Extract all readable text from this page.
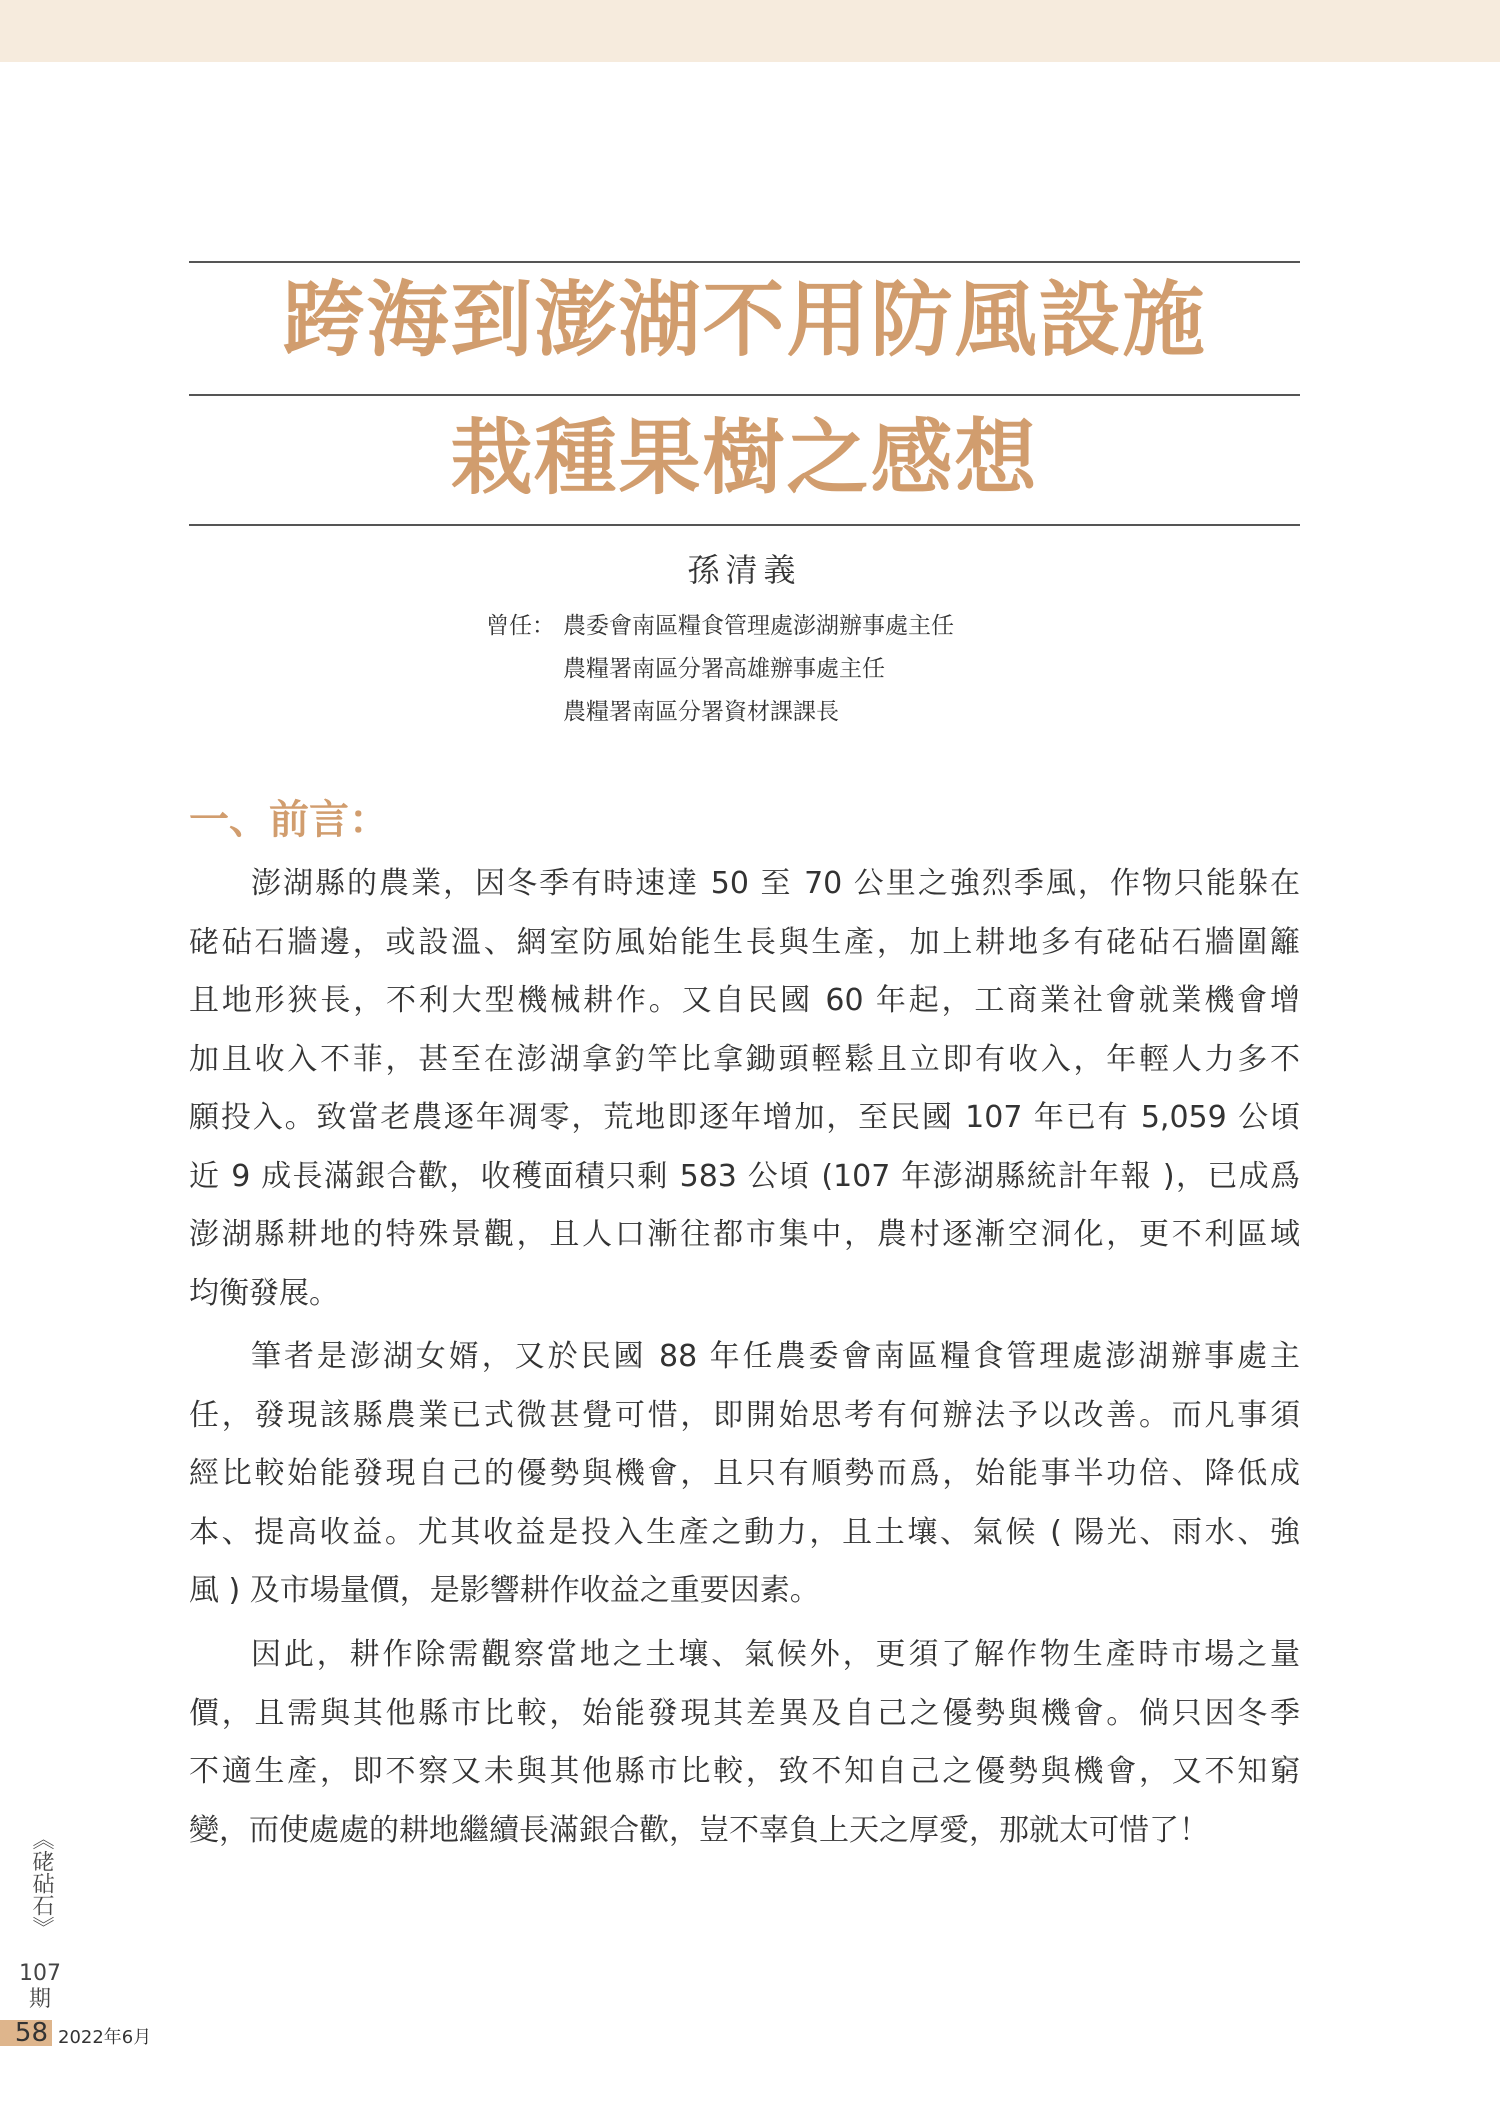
跨海到澎湖不用防風設施
栽種果樹之感想
孫清義
曾任： 農委會南區糧食管理處澎湖辦事處主任
農糧署南區分署高雄辦事處主任
農糧署南區分署資材課課長
一、前言：
澎湖縣的農業，因冬季有時速達 50 至 70 公里之強烈季風，作物只能躲在
硓砧石牆邊，或設溫、網室防風始能生長與生產，加上耕地多有硓砧石牆圍籬
且地形狹長，不利大型機械耕作。又自民國 60 年起，工商業社會就業機會增
加且收入不菲，甚至在澎湖拿釣竿比拿鋤頭輕鬆且立即有收入，年輕人力多不
願投入。致當老農逐年凋零，荒地即逐年增加，至民國 107 年已有 5,059 公頃
近 9 成長滿銀合歡，收穫面積只剩 583 公頃 (107 年澎湖縣統計年報 )，已成爲
澎湖縣耕地的特殊景觀，且人口漸往都市集中，農村逐漸空洞化，更不利區域
均衡發展。
筆者是澎湖女婿，又於民國 88 年任農委會南區糧食管理處澎湖辦事處主
任，發現該縣農業已式微甚覺可惜，即開始思考有何辦法予以改善。而凡事須
經比較始能發現自己的優勢與機會，且只有順勢而爲，始能事半功倍、降低成
本、提高收益。尤其收益是投入生產之動力，且土壤、氣候 ( 陽光、雨水、強
風 ) 及市場量價，是影響耕作收益之重要因素。
因此，耕作除需觀察當地之土壤、氣候外，更須了解作物生產時市場之量
價，且需與其他縣市比較，始能發現其差異及自己之優勢與機會。倘只因冬季
不適生產，即不察又未與其他縣市比較，致不知自己之優勢與機會，又不知窮
變，而使處處的耕地繼續長滿銀合歡，豈不辜負上天之厚愛，那就太可惜了！
《硓砧石》
107
期
58 2022年6月
